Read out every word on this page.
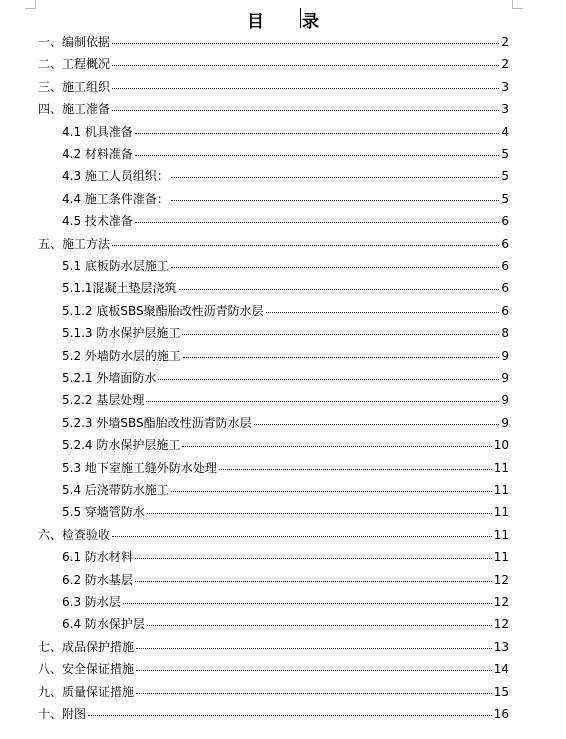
目 录
一、编制依据	2
二、工程概况	2
三、施工组织	3
四、施工准备	3
4.1 机具准备	4
4.2 材料准备	5
4.3 施工人员组织：	5
4.4 施工条件准备：	5
4.5 技术准备	6
五、施工方法	6
5.1 底板防水层施工	6
5.1.1混凝土垫层浇筑	6
5.1.2 底板SBS聚酯胎改性沥青防水层	6
5.1.3 防水保护层施工	8
5.2 外墙防水层的施工	9
5.2.1 外墙面防水	9
5.2.2 基层处理	9
5.2.3 外墙SBS酯胎改性沥青防水层	9
5.2.4 防水保护层施工	10
5.3 地下室施工缝外防水处理	11
5.4 后浇带防水施工	11
5.5 穿墙管防水	11
六、检查验收	11
6.1 防水材料	11
6.2 防水基层	12
6.3 防水层	12
6.4 防水保护层	12
七、成品保护措施	13
八、安全保证措施	14
九、质量保证措施	15
十、附图	16
